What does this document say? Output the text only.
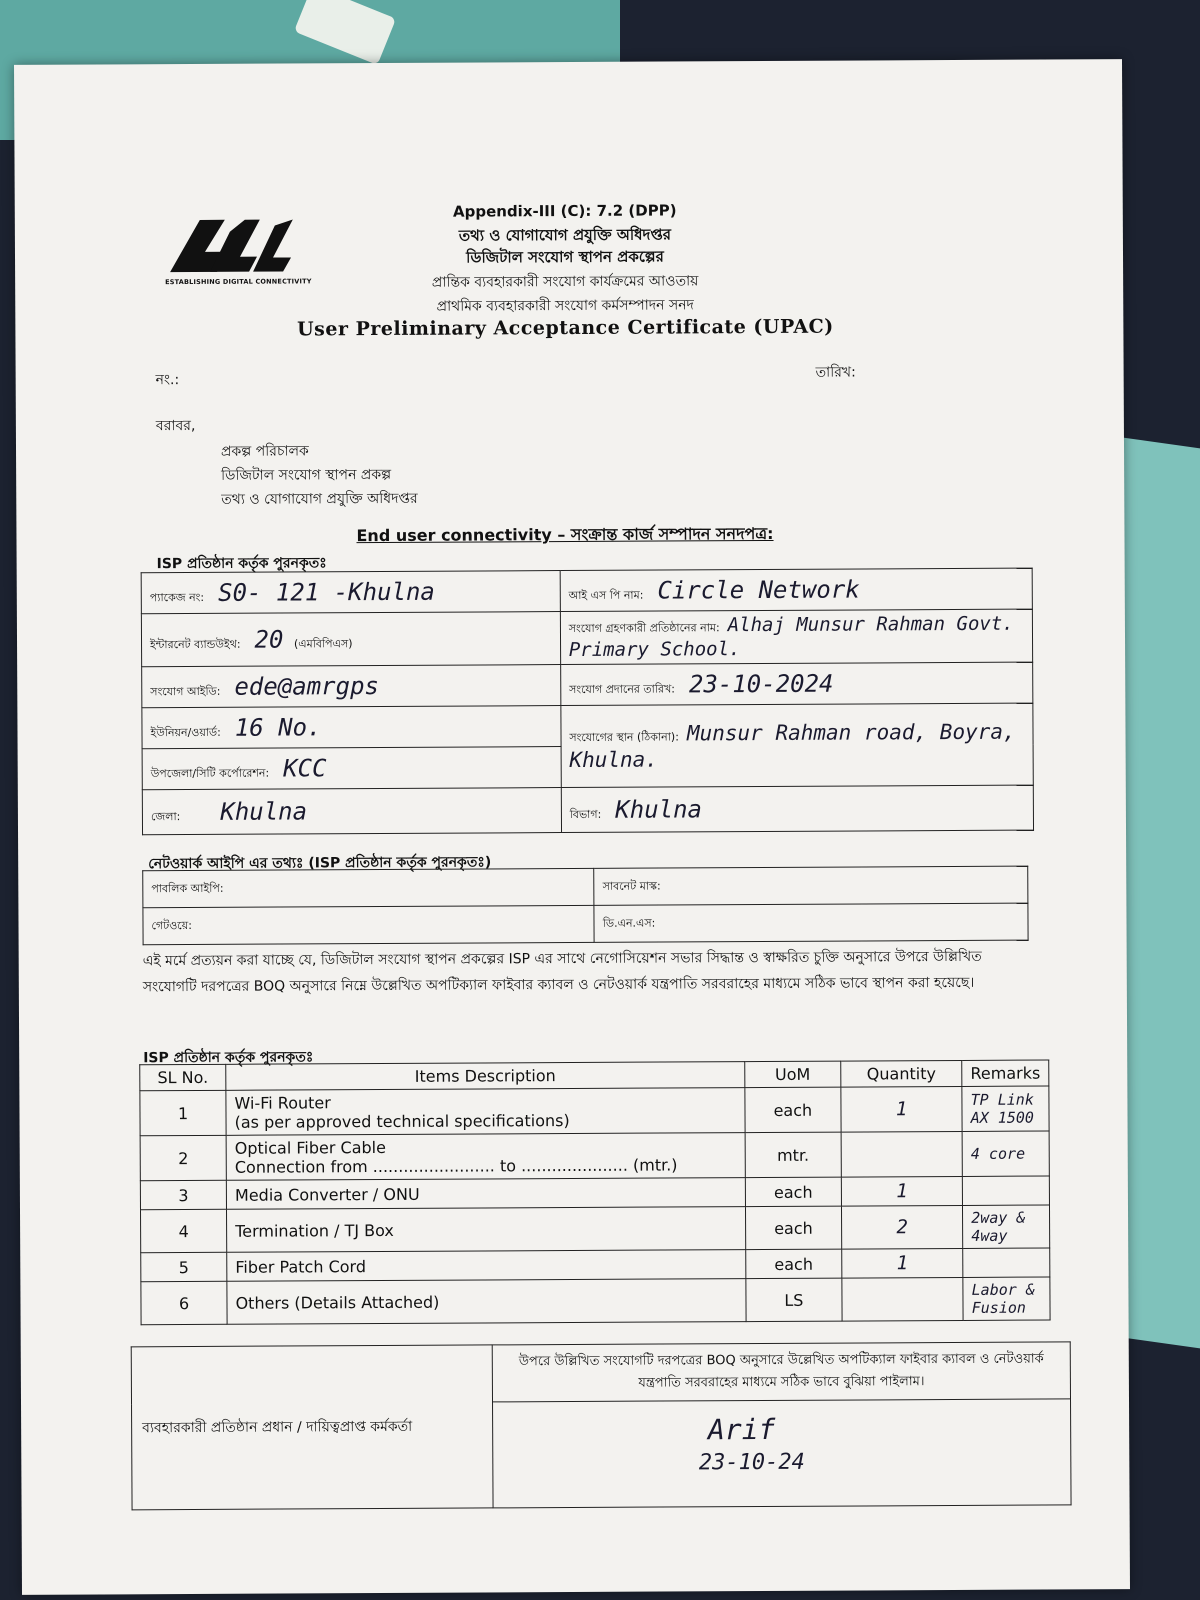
ESTABLISHING DIGITAL CONNECTIVITY
Appendix-III (C): 7.2 (DPP)
তথ্য ও যোগাযোগ প্রযুক্তি অধিদপ্তর
ডিজিটাল সংযোগ স্থাপন প্রকল্পের
প্রান্তিক ব্যবহারকারী সংযোগ কার্যক্রমের আওতায়
প্রাথমিক ব্যবহারকারী সংযোগ কর্মসম্পাদন সনদ
User Preliminary Acceptance Certificate (UPAC)
নং.:	তারিখ:
বরাবর,
প্রকল্প পরিচালক
ডিজিটাল সংযোগ স্থাপন প্রকল্প
তথ্য ও যোগাযোগ প্রযুক্তি অধিদপ্তর
End user connectivity – সংক্রান্ত কার্জ সম্পাদন সনদপত্র:
ISP প্রতিষ্ঠান কর্তৃক পুরনকৃতঃ
প্যাকেজ নং: S0- 121 -Khulna	আই এস পি নাম: Circle Network
ইন্টারনেট ব্যান্ডউইথ: 20 (এমবিপিএস)	সংযোগ গ্রহণকারী প্রতিষ্ঠানের নাম: Alhaj Munsur Rahman Govt. Primary School.
সংযোগ আইডি: ede@amrgps	সংযোগ প্রদানের তারিখ: 23-10-2024
ইউনিয়ন/ওয়ার্ড: 16 No.	সংযোগের স্থান (ঠিকানা): Munsur Rahman road, Boyra, Khulna.
উপজেলা/সিটি কর্পোরেশন: KCC	
জেলা: Khulna	বিভাগ: Khulna
নেটওয়ার্ক আইপি এর তথ্যঃ (ISP প্রতিষ্ঠান কর্তৃক পুরনকৃতঃ)
পাবলিক আইপি:	সাবনেট মাস্ক:
গেটওয়ে:	ডি.এন.এস:
এই মর্মে প্রত্যয়ন করা যাচ্ছে যে, ডিজিটাল সংযোগ স্থাপন প্রকল্পের ISP এর সাথে নেগোসিয়েশন সভার সিদ্ধান্ত ও স্বাক্ষরিত চুক্তি অনুসারে উপরে উল্লিখিত সংযোগটি দরপত্রের BOQ অনুসারে নিম্নে উল্লেখিত অপটিক্যাল ফাইবার ক্যাবল ও নেটওয়ার্ক যন্ত্রপাতি সরবরাহের মাধ্যমে সঠিক ভাবে স্থাপন করা হয়েছে।
ISP প্রতিষ্ঠান কর্তৃক পুরনকৃতঃ
SL No.	Items Description	UoM	Quantity	Remarks
1	Wi-Fi Router
(as per approved technical specifications)	each	1	TP Link AX 1500
2	Optical Fiber Cable
Connection from ........................ to ..................... (mtr.)	mtr.		4 core
3	Media Converter / ONU	each	1	
4	Termination / TJ Box	each	2	2way & 4way
5	Fiber Patch Cord	each	1	
6	Others (Details Attached)	LS		Labor & Fusion
ব্যবহারকারী প্রতিষ্ঠান প্রধান / দায়িত্বপ্রাপ্ত কর্মকর্তা	উপরে উল্লিখিত সংযোগটি দরপত্রের BOQ অনুসারে উল্লেখিত অপটিক্যাল ফাইবার ক্যাবল ও নেটওয়ার্ক যন্ত্রপাতি সরবরাহের মাধ্যমে সঠিক ভাবে বুঝিয়া পাইলাম।

Arif
23-10-24
